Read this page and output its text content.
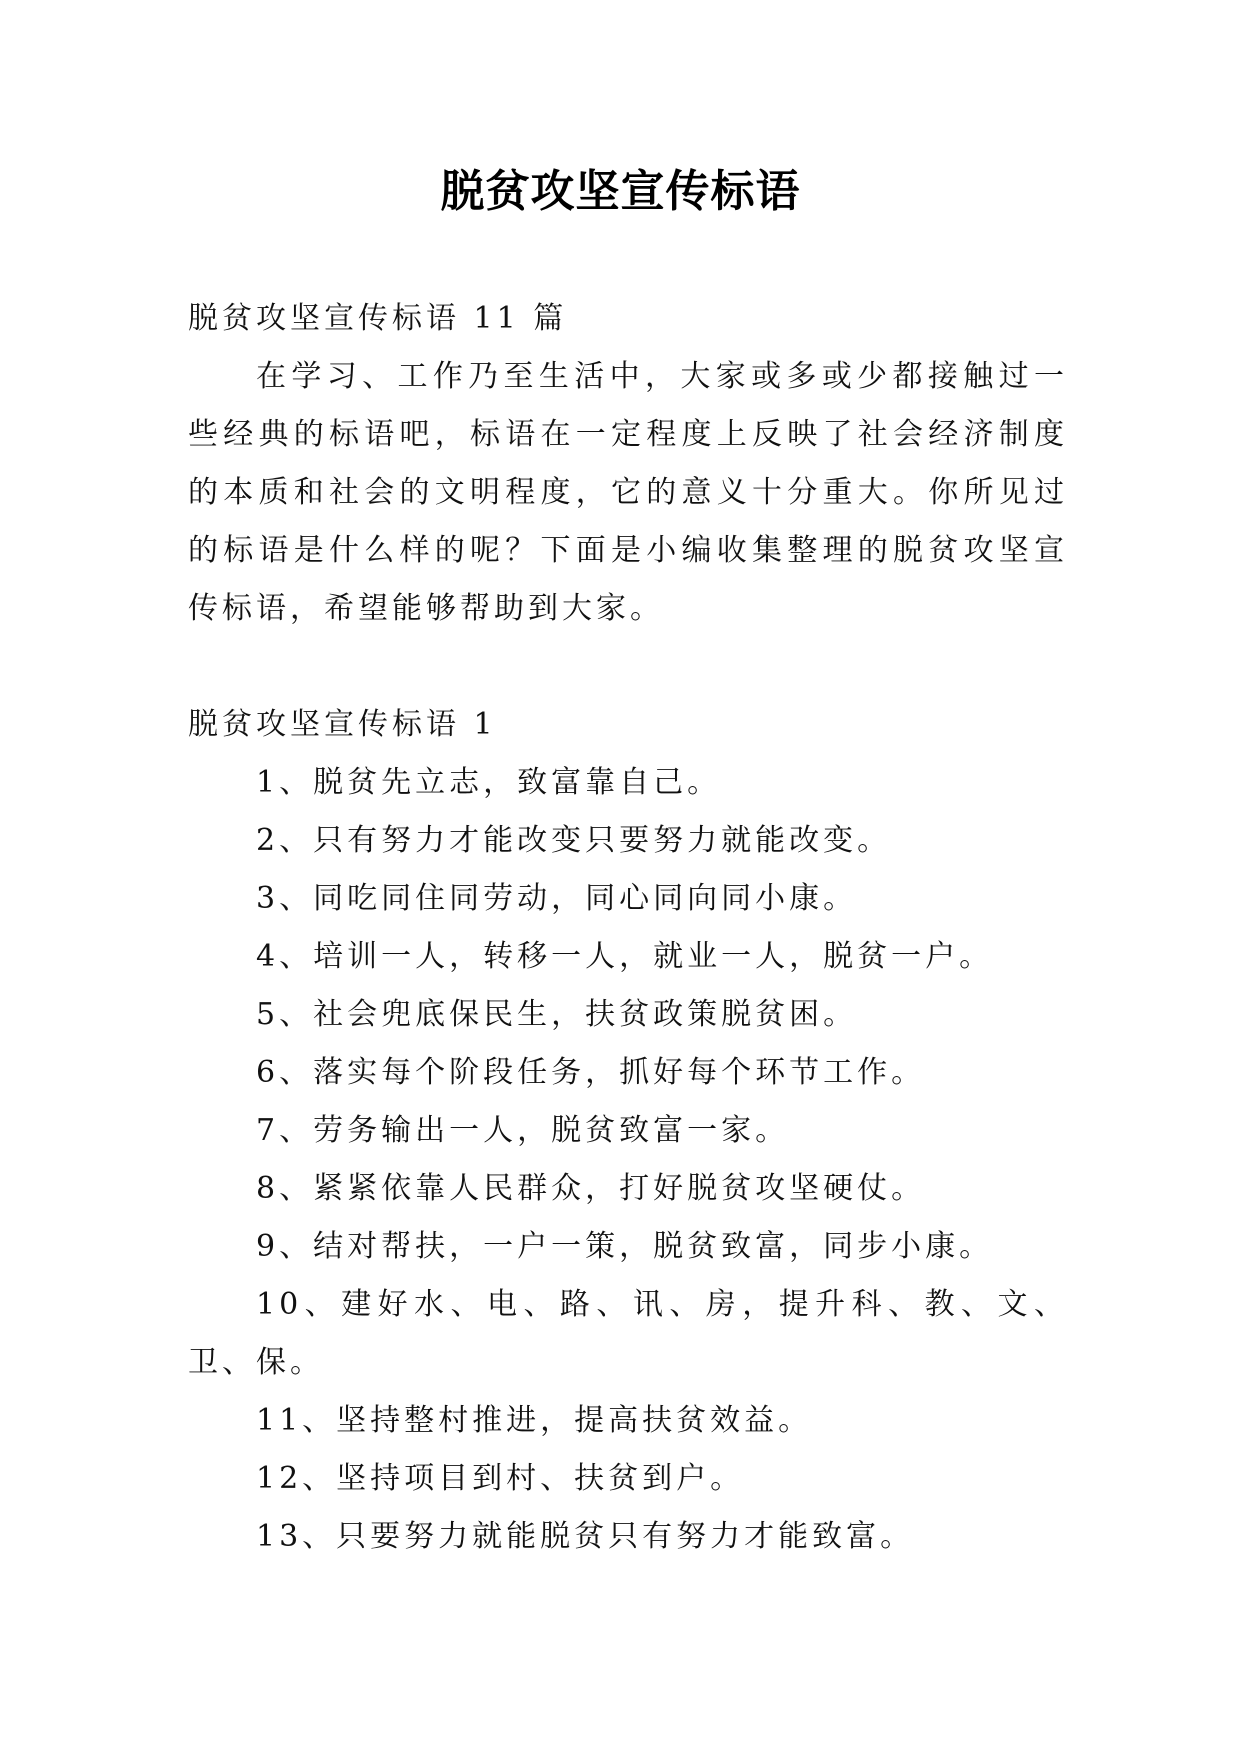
脱贫攻坚宣传标语

脱贫攻坚宣传标语 11 篇

在学习、工作乃至生活中，大家或多或少都接触过一些经典的标语吧，标语在一定程度上反映了社会经济制度的本质和社会的文明程度，它的意义十分重大。你所见过的标语是什么样的呢？下面是小编收集整理的脱贫攻坚宣传标语，希望能够帮助到大家。

脱贫攻坚宣传标语 1

1、脱贫先立志，致富靠自己。

2、只有努力才能改变只要努力就能改变。

3、同吃同住同劳动，同心同向同小康。

4、培训一人，转移一人，就业一人，脱贫一户。

5、社会兜底保民生，扶贫政策脱贫困。

6、落实每个阶段任务，抓好每个环节工作。

7、劳务输出一人，脱贫致富一家。

8、紧紧依靠人民群众，打好脱贫攻坚硬仗。

9、结对帮扶，一户一策，脱贫致富，同步小康。

10、建好水、电、路、讯、房，提升科、教、文、卫、保。

11、坚持整村推进，提高扶贫效益。

12、坚持项目到村、扶贫到户。

13、只要努力就能脱贫只有努力才能致富。
